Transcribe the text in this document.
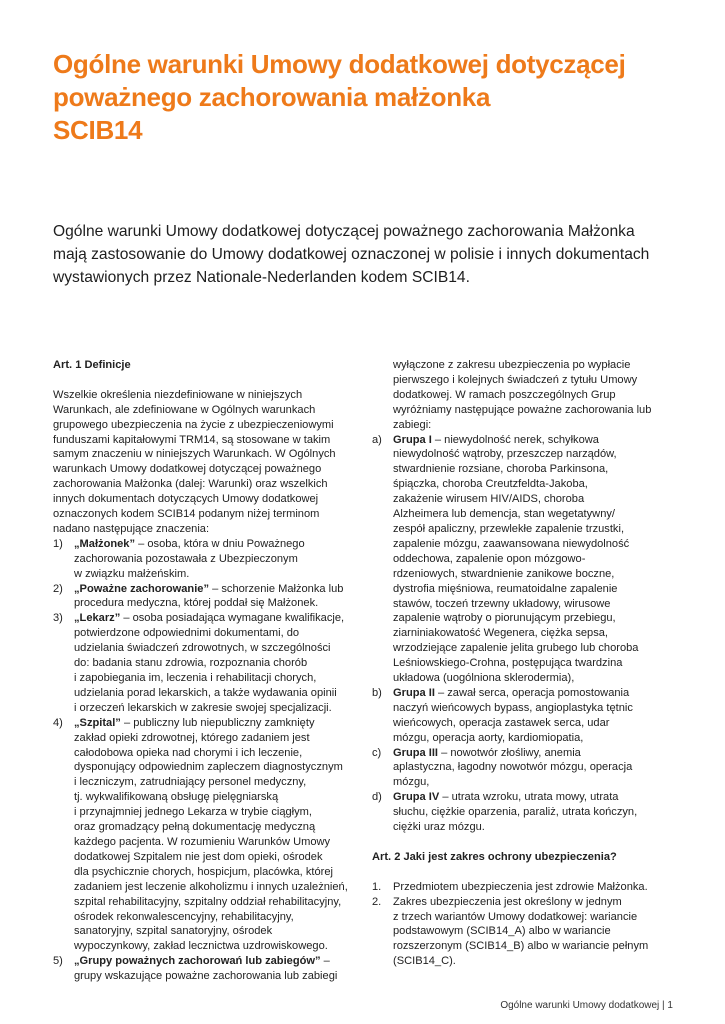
Ogólne warunki Umowy dodatkowej dotyczącej
poważnego zachorowania małżonka
SCIB14
Ogólne warunki Umowy dodatkowej dotyczącej poważnego zachorowania Małżonka
mają zastosowanie do Umowy dodatkowej oznaczonej w polisie i innych dokumentach
wystawionych przez Nationale-Nederlanden kodem SCIB14.

Art. 1 Definicje

Wszelkie określenia niezdefiniowane w niniejszych
Warunkach, ale zdefiniowane w Ogólnych warunkach
grupowego ubezpieczenia na życie z ubezpieczeniowymi
funduszami kapitałowymi TRM14, są stosowane w takim
samym znaczeniu w niniejszych Warunkach. W Ogólnych
warunkach Umowy dodatkowej dotyczącej poważnego
zachorowania Małżonka (dalej: Warunki) oraz wszelkich
innych dokumentach dotyczących Umowy dodatkowej
oznaczonych kodem SCIB14 podanym niżej terminom
nadano następujące znaczenia:

1) „Małżonek” – osoba, która w dniu Poważnego
zachorowania pozostawała z Ubezpieczonym
w związku małżeńskim.
2) „Poważne zachorowanie” – schorzenie Małżonka lub
procedura medyczna, której poddał się Małżonek.
3) „Lekarz” – osoba posiadająca wymagane kwalifikacje,
potwierdzone odpowiednimi dokumentami, do
udzielania świadczeń zdrowotnych, w szczególności
do: badania stanu zdrowia, rozpoznania chorób
i zapobiegania im, leczenia i rehabilitacji chorych,
udzielania porad lekarskich, a także wydawania opinii
i orzeczeń lekarskich w zakresie swojej specjalizacji.
4) „Szpital” – publiczny lub niepubliczny zamknięty
zakład opieki zdrowotnej, którego zadaniem jest
całodobowa opieka nad chorymi i ich leczenie,
dysponujący odpowiednim zapleczem diagnostycznym
i leczniczym, zatrudniający personel medyczny,
tj. wykwalifikowaną obsługę pielęgniarską
i przynajmniej jednego Lekarza w trybie ciągłym,
oraz gromadzący pełną dokumentację medyczną
każdego pacjenta. W rozumieniu Warunków Umowy
dodatkowej Szpitalem nie jest dom opieki, ośrodek
dla psychicznie chorych, hospicjum, placówka, której
zadaniem jest leczenie alkoholizmu i innych uzależnień,
szpital rehabilitacyjny, szpitalny oddział rehabilitacyjny,
ośrodek rekonwalescencyjny, rehabilitacyjny,
sanatoryjny, szpital sanatoryjny, ośrodek
wypoczynkowy, zakład lecznictwa uzdrowiskowego.
5) „Grupy poważnych zachorowań lub zabiegów” –
grupy wskazujące poważne zachorowania lub zabiegi
wyłączone z zakresu ubezpieczenia po wypłacie
pierwszego i kolejnych świadczeń z tytułu Umowy
dodatkowej. W ramach poszczególnych Grup
wyróżniamy następujące poważne zachorowania lub
zabiegi:
a) Grupa I – niewydolność nerek, schyłkowa
niewydolność wątroby, przeszczep narządów,
stwardnienie rozsiane, choroba Parkinsona,
śpiączka, choroba Creutzfeldta-Jakoba,
zakażenie wirusem HIV/AIDS, choroba
Alzheimera lub demencja, stan wegetatywny/
zespół apaliczny, przewlekłe zapalenie trzustki,
zapalenie mózgu, zaawansowana niewydolność
oddechowa, zapalenie opon mózgowo-
rdzeniowych, stwardnienie zanikowe boczne,
dystrofia mięśniowa, reumatoidalne zapalenie
stawów, toczeń trzewny układowy, wirusowe
zapalenie wątroby o piorunującym przebiegu,
ziarniniakowatość Wegenera, ciężka sepsa,
wrzodziejące zapalenie jelita grubego lub choroba
Leśniowskiego-Crohna, postępująca twardzina
układowa (uogólniona sklerodermia),
b) Grupa II – zawał serca, operacja pomostowania
naczyń wieńcowych bypass, angioplastyka tętnic
wieńcowych, operacja zastawek serca, udar
mózgu, operacja aorty, kardiomiopatia,
c) Grupa III – nowotwór złośliwy, anemia
aplastyczna, łagodny nowotwór mózgu, operacja
mózgu,
d) Grupa IV – utrata wzroku, utrata mowy, utrata
słuchu, ciężkie oparzenia, paraliż, utrata kończyn,
ciężki uraz mózgu.

Art. 2 Jaki jest zakres ochrony ubezpieczenia?

1. Przedmiotem ubezpieczenia jest zdrowie Małżonka.
2. Zakres ubezpieczenia jest określony w jednym
z trzech wariantów Umowy dodatkowej: wariancie
podstawowym (SCIB14_A) albo w wariancie
rozszerzonym (SCIB14_B) albo w wariancie pełnym
(SCIB14_C).
Ogólne warunki Umowy dodatkowej | 1
